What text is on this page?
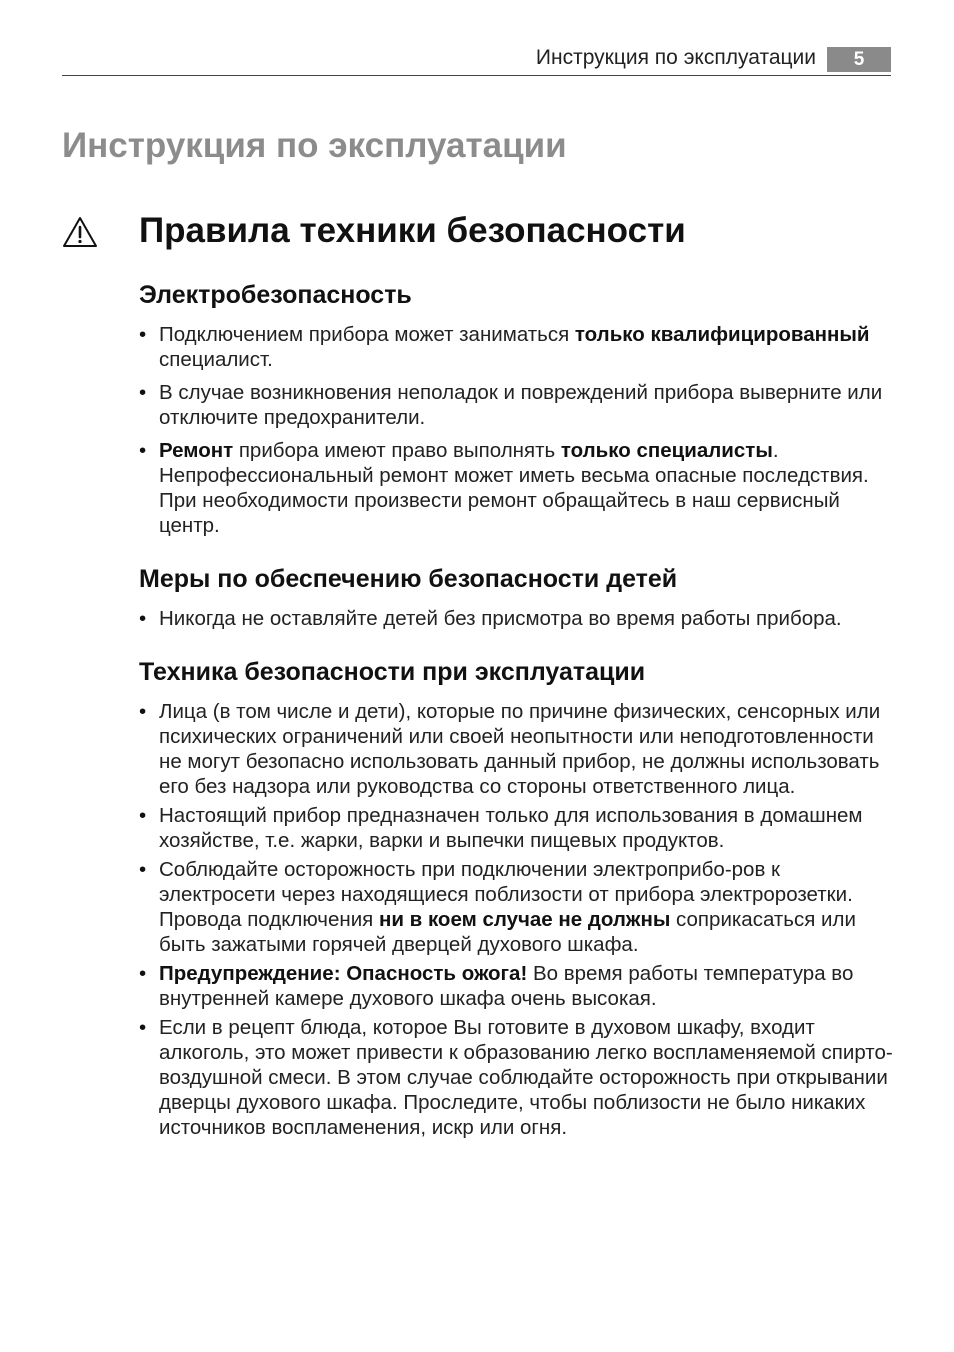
Инструкция по эксплуатации	5
Инструкция по эксплуатации
Правила техники безопасности
Электробезопасность
• Подключением прибора может заниматься только квалифицированный специалист.
• В случае возникновения неполадок и повреждений прибора выверните или отключите предохранители.
• Ремонт прибора имеют право выполнять только специалисты. Непрофессиональный ремонт может иметь весьма опасные последствия. При необходимости произвести ремонт обращайтесь в наш сервисный центр.
Меры по обеспечению безопасности детей
• Никогда не оставляйте детей без присмотра во время работы прибора.
Техника безопасности при эксплуатации
• Лица (в том числе и дети), которые по причине физических, сенсорных или психических ограничений или своей неопытности или неподготовленности не могут безопасно использовать данный прибор, не должны использовать его без надзора или руководства со стороны ответственного лица.
• Настоящий прибор предназначен только для использования в домашнем хозяйстве, т.е. жарки, варки и выпечки пищевых продуктов.
• Соблюдайте осторожность при подключении электроприбо-ров к электросети через находящиеся поблизости от прибора электророзетки. Провода подключения ни в коем случае не должны соприкасаться или быть зажатыми горячей дверцей духового шкафа.
• Предупреждение: Опасность ожога! Во время работы температура во внутренней камере духового шкафа очень высокая.
• Если в рецепт блюда, которое Вы готовите в духовом шкафу, входит алкоголь, это может привести к образованию легко воспламеняемой спирто-воздушной смеси. В этом случае соблюдайте осторожность при открывании дверцы духового шкафа. Проследите, чтобы поблизости не было никаких источников воспламенения, искр или огня.
